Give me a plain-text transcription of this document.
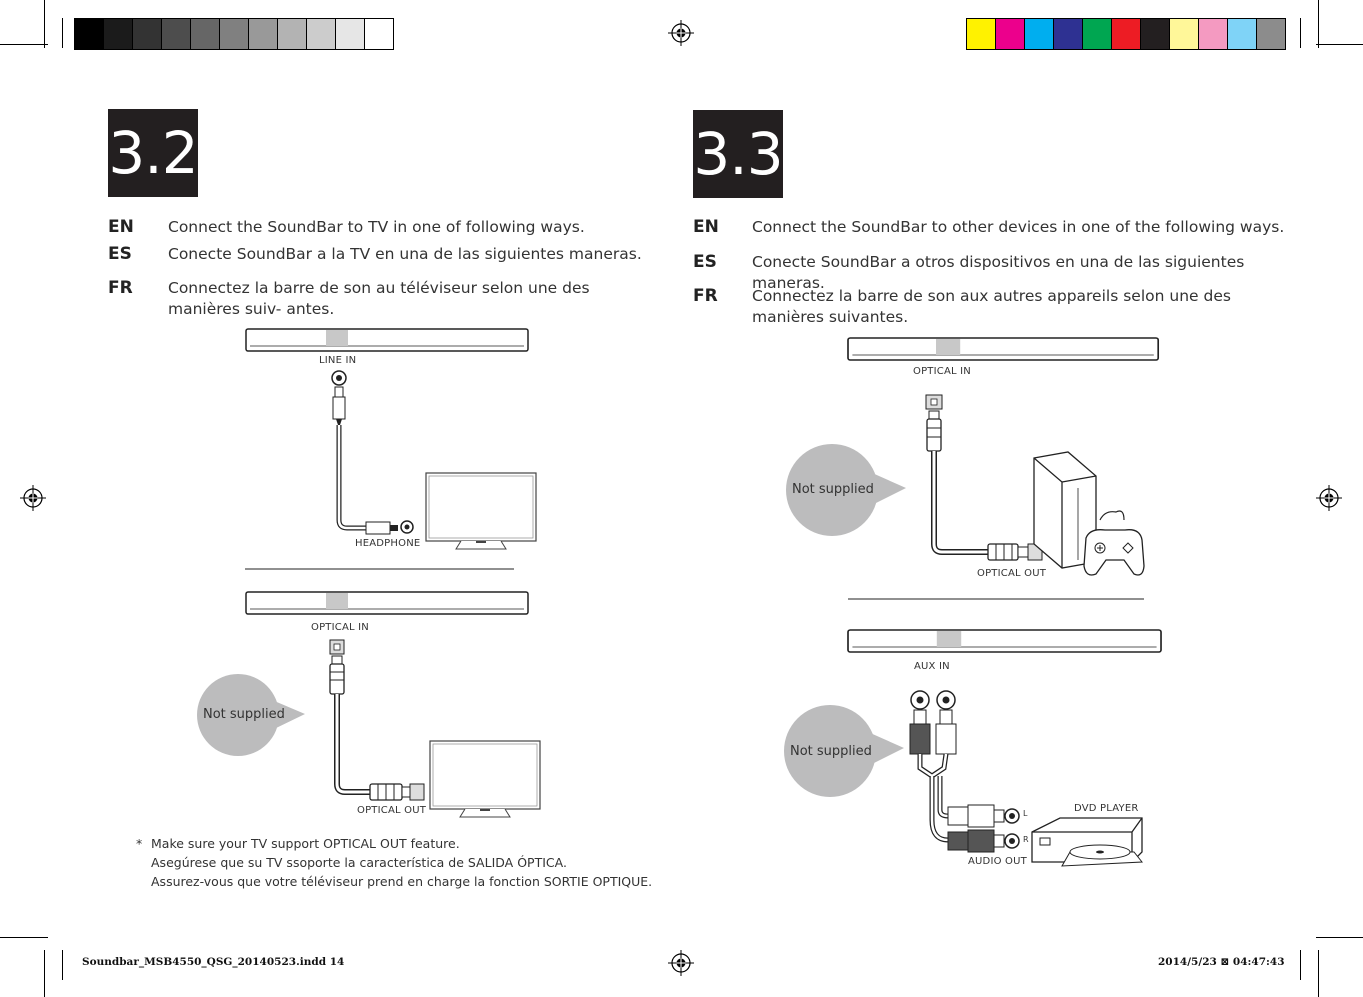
3.2
EN Connect the SoundBar to TV in one of following ways.
ES Conecte SoundBar a la TV en una de las siguientes maneras.
FR Connectez la barre de son au téléviseur selon une des manières suiv- antes.
LINE IN
HEADPHONE
OPTICAL IN
OPTICAL OUT
Not supplied
* Make sure your TV support OPTICAL OUT feature.
Asegúrese que su TV ssoporte la característica de SALIDA ÓPTICA.
Assurez-vous que votre téléviseur prend en charge la fonction SORTIE OPTIQUE.
3.3
EN Connect the SoundBar to other devices in one of the following ways.
ES Conecte SoundBar a otros dispositivos en una de las siguientes maneras.
FR Connectez la barre de son aux autres appareils selon une des manières suivantes.
OPTICAL IN
OPTICAL OUT
Not supplied
AUX IN
AUDIO OUT
DVD PLAYER
L
R
Not supplied
Soundbar_MSB4550_QSG_20140523.indd 14	2014/5/23 ⊠ 04:47:43
